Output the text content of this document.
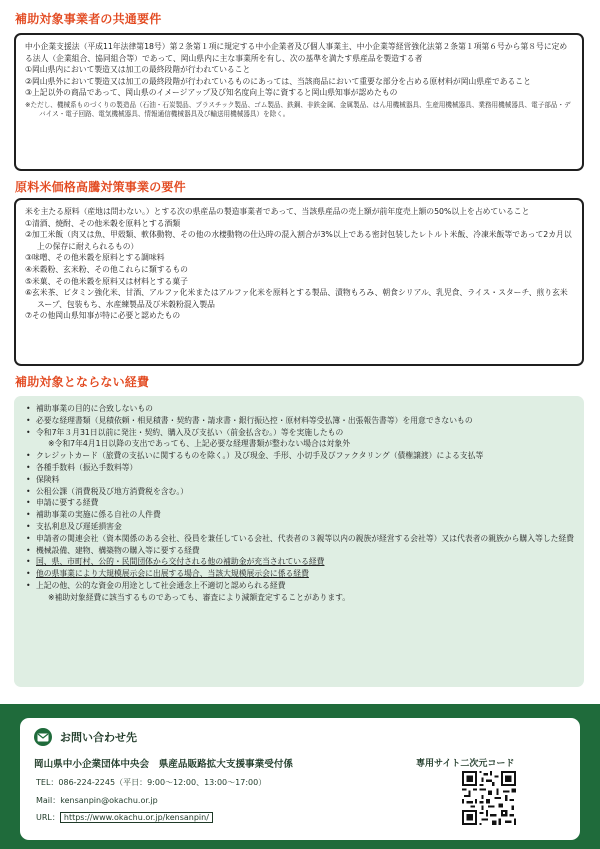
補助対象事業者の共通要件

中小企業支援法（平成11年法律第18号）第２条第１項に規定する中小企業者及び個人事業主、中小企業等経営強化法第２条第１項第６号から第８号に定める法人（企業組合、協同組合等）であって、岡山県内に主な事業所を有し、次の基準を満たす県産品を製造する者

①岡山県内において製造又は加工の最終段階が行われていること

②岡山県外において製造又は加工の最終段階が行われているものにあっては、当該商品において重要な部分を占める原材料が岡山県産であること

③上記以外の商品であって、岡山県のイメージアップ及び知名度向上等に資すると岡山県知事が認めたもの

※ただし、機械系ものづくりの製造品（石油・石炭製品、プラスチック製品、ゴム製品、鉄鋼、非鉄金属、金属製品、はん用機械器具、生産用機械器具、業務用機械器具、電子部品・デバイス・電子回路、電気機械器具、情報通信機械器具及び輸送用機械器具）を除く。

原料米価格高騰対策事業の要件

米を主たる原料（産地は問わない。）とする次の県産品の製造事業者であって、当該県産品の売上額が前年度売上額の50%以上を占めていること

①清酒、焼酎、その他米穀を原料とする酒類

②加工米飯（肉又は魚、甲殻類、軟体動物、その他の水棲動物の仕込時の混入割合が3%以上である密封包装したレトルト米飯、冷凍米飯等であって2カ月以上の保存に耐えられるもの）

③味噌、その他米穀を原料とする調味料

④米穀粉、玄米粉、その他これらに類するもの

⑤米菓、その他米穀を原料又は材料とする菓子

⑥玄米茶、ビタミン強化米、甘酒、アルファ化米またはアルファ化米を原料とする製品、漬物もろみ、朝食シリアル、乳児食、ライス・スターチ、煎り玄米スープ、包装もち、水産練製品及び米穀粉混入製品

⑦その他岡山県知事が特に必要と認めたもの

補助対象とならない経費
• 補助事業の目的に合致しないもの
• 必要な経理書類（見積依頼・相見積書・契約書・請求書・銀行振込控・原材料等受払簿・出張報告書等）を用意できないもの
• 令和7年３月31日以前に発注・契約、購入及び支払い（前金払含む。）等を実施したもの
※令和7年4月1日以降の支出であっても、上記必要な経理書類が整わない場合は対象外
• クレジットカード（旅費の支払いに関するものを除く。）及び現金、手形、小切手及びファクタリング（債権譲渡）による支払等
• 各種手数料（振込手数料等）
• 保険料
• 公租公課（消費税及び地方消費税を含む。）
• 申請に要する経費
• 補助事業の実施に係る自社の人件費
• 支払利息及び遅延損害金
• 申請者の関連会社（資本関係のある会社、役員を兼任している会社、代表者の３親等以内の親族が経営する会社等）又は代表者の親族から購入等した経費
• 機械設備、建物、構築物の購入等に要する経費
• 国、県、市町村、公的・民間団体から交付される他の補助金が充当されている経費
• 他の県事業により大規模展示会に出展する場合、当該大規模展示会に係る経費
• 上記の他、公的な資金の用途として社会通念上不適切と認められる経費
※補助対象経費に該当するものであっても、審査により減額査定することがあります。
お問い合わせ先
岡山県中小企業団体中央会　県産品販路拡大支援事業受付係
TEL：086-224-2245（平日：9:00〜12:00、13:00〜17:00）
Mail：kensanpin@okachu.or.jp
URL： https://www.okachu.or.jp/kensanpin/
専用サイト二次元コード
